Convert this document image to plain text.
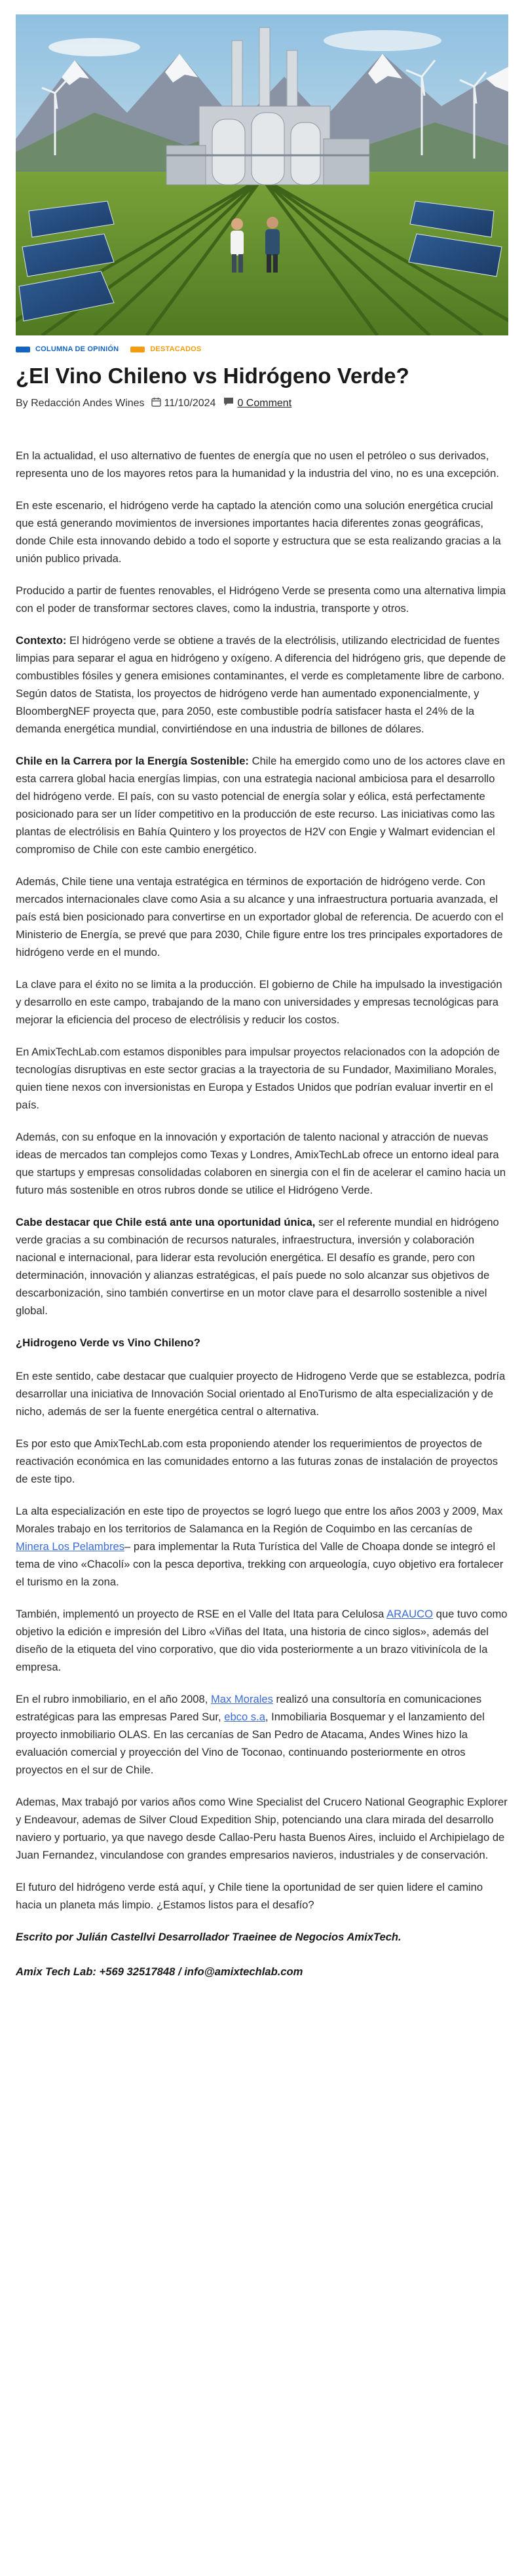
COLUMNA DE OPINIÓN	DESTACADOS
¿El Vino Chileno vs Hidrógeno Verde?
By Redacción Andes Wines 11/10/2024 0 Comment

En la actualidad, el uso alternativo de fuentes de energía que no usen el petróleo o sus derivados, representa uno de los mayores retos para la humanidad y la industria del vino, no es una excepción.

En este escenario, el hidrógeno verde ha captado la atención como una solución energética crucial que está generando movimientos de inversiones importantes hacia diferentes zonas geográficas, donde Chile esta innovando debido a todo el soporte y estructura que se esta realizando gracias a la unión publico privada.

Producido a partir de fuentes renovables, el Hidrógeno Verde se presenta como una alternativa limpia con el poder de transformar sectores claves, como la industria, transporte y otros.

Contexto: El hidrógeno verde se obtiene a través de la electrólisis, utilizando electricidad de fuentes limpias para separar el agua en hidrógeno y oxígeno. A diferencia del hidrógeno gris, que depende de combustibles fósiles y genera emisiones contaminantes, el verde es completamente libre de carbono. Según datos de Statista, los proyectos de hidrógeno verde han aumentado exponencialmente, y BloombergNEF proyecta que, para 2050, este combustible podría satisfacer hasta el 24% de la demanda energética mundial, convirtiéndose en una industria de billones de dólares.

Chile en la Carrera por la Energía Sostenible: Chile ha emergido como uno de los actores clave en esta carrera global hacia energías limpias, con una estrategia nacional ambiciosa para el desarrollo del hidrógeno verde. El país, con su vasto potencial de energía solar y eólica, está perfectamente posicionado para ser un líder competitivo en la producción de este recurso. Las iniciativas como las plantas de electrólisis en Bahía Quintero y los proyectos de H2V con Engie y Walmart evidencian el compromiso de Chile con este cambio energético.

Además, Chile tiene una ventaja estratégica en términos de exportación de hidrógeno verde. Con mercados internacionales clave como Asia a su alcance y una infraestructura portuaria avanzada, el país está bien posicionado para convertirse en un exportador global de referencia. De acuerdo con el Ministerio de Energía, se prevé que para 2030, Chile figure entre los tres principales exportadores de hidrógeno verde en el mundo.

La clave para el éxito no se limita a la producción. El gobierno de Chile ha impulsado la investigación y desarrollo en este campo, trabajando de la mano con universidades y empresas tecnológicas para mejorar la eficiencia del proceso de electrólisis y reducir los costos.

En AmixTechLab.com estamos disponibles para impulsar proyectos relacionados con la adopción de tecnologías disruptivas en este sector gracias a la trayectoria de su Fundador, Maximiliano Morales, quien tiene nexos con inversionistas en Europa y Estados Unidos que podrían evaluar invertir en el país.

Además, con su enfoque en la innovación y exportación de talento nacional y atracción de nuevas ideas de mercados tan complejos como Texas y Londres, AmixTechLab ofrece un entorno ideal para que startups y empresas consolidadas colaboren en sinergia con el fin de acelerar el camino hacia un futuro más sostenible en otros rubros donde se utilice el Hidrógeno Verde.

Cabe destacar que Chile está ante una oportunidad única, ser el referente mundial en hidrógeno verde gracias a su combinación de recursos naturales, infraestructura, inversión y colaboración nacional e internacional, para liderar esta revolución energética. El desafío es grande, pero con determinación, innovación y alianzas estratégicas, el país puede no solo alcanzar sus objetivos de descarbonización, sino también convertirse en un motor clave para el desarrollo sostenible a nivel global.

¿Hidrogeno Verde vs Vino Chileno?

En este sentido, cabe destacar que cualquier proyecto de Hidrogeno Verde que se establezca, podría desarrollar una iniciativa de Innovación Social orientado al EnoTurismo de alta especialización y de nicho, además de ser la fuente energética central o alternativa.

Es por esto que AmixTechLab.com esta proponiendo atender los requerimientos de proyectos de reactivación económica en las comunidades entorno a las futuras zonas de instalación de proyectos de este tipo.

La alta especialización en este tipo de proyectos se logró luego que entre los años 2003 y 2009, Max Morales trabajo en los territorios de Salamanca en la Región de Coquimbo en las cercanías de Minera Los Pelambres– para implementar la Ruta Turística del Valle de Choapa donde se integró el tema de vino «Chacolí» con la pesca deportiva, trekking con arqueología, cuyo objetivo era fortalecer el turismo en la zona.

También, implementó un proyecto de RSE en el Valle del Itata para Celulosa ARAUCO que tuvo como objetivo la edición e impresión del Libro «Viñas del Itata, una historia de cinco siglos», además del diseño de la etiqueta del vino corporativo, que dio vida posteriormente a un brazo vitivinícola de la empresa.

En el rubro inmobiliario, en el año 2008, Max Morales realizó una consultoría en comunicaciones estratégicas para las empresas Pared Sur, ebco s.a, Inmobiliaria Bosquemar y el lanzamiento del proyecto inmobiliario OLAS. En las cercanías de San Pedro de Atacama, Andes Wines hizo la evaluación comercial y proyección del Vino de Toconao, continuando posteriormente en otros proyectos en el sur de Chile.

Ademas, Max trabajó por varios años como Wine Specialist del Crucero National Geographic Explorer y Endeavour, ademas de Silver Cloud Expedition Ship, potenciando una clara mirada del desarrollo naviero y portuario, ya que navego desde Callao-Peru hasta Buenos Aires, incluido el Archipielago de Juan Fernandez, vinculandose con grandes empresarios navieros, industriales y de conservación.

El futuro del hidrógeno verde está aquí, y Chile tiene la oportunidad de ser quien lidere el camino hacia un planeta más limpio. ¿Estamos listos para el desafío?

Escrito por Julián Castellvi Desarrollador Traeinee de Negocios AmixTech.

Amix Tech Lab: +569 32517848 / info@amixtechlab.com
